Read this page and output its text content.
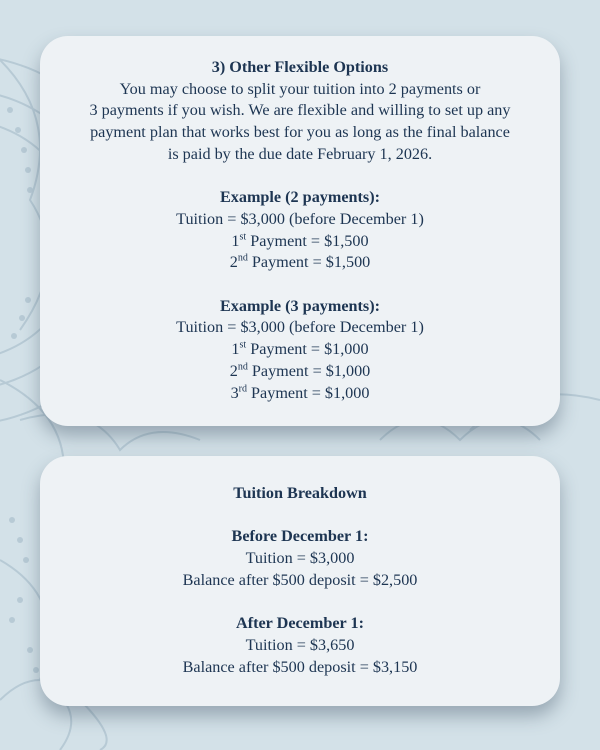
3) Other Flexible Options

You may choose to split your tuition into 2 payments or

3 payments if you wish. We are flexible and willing to set up any

payment plan that works best for you as long as the final balance

is paid by the due date February 1, 2026.

Example (2 payments):

Tuition = $3,000 (before December 1)

1st Payment = $1,500

2nd Payment = $1,500

Example (3 payments):

Tuition = $3,000 (before December 1)

1st Payment = $1,000

2nd Payment = $1,000

3rd Payment = $1,000

Tuition Breakdown

Before December 1:

Tuition = $3,000

Balance after $500 deposit = $2,500

After December 1:

Tuition = $3,650

Balance after $500 deposit = $3,150
